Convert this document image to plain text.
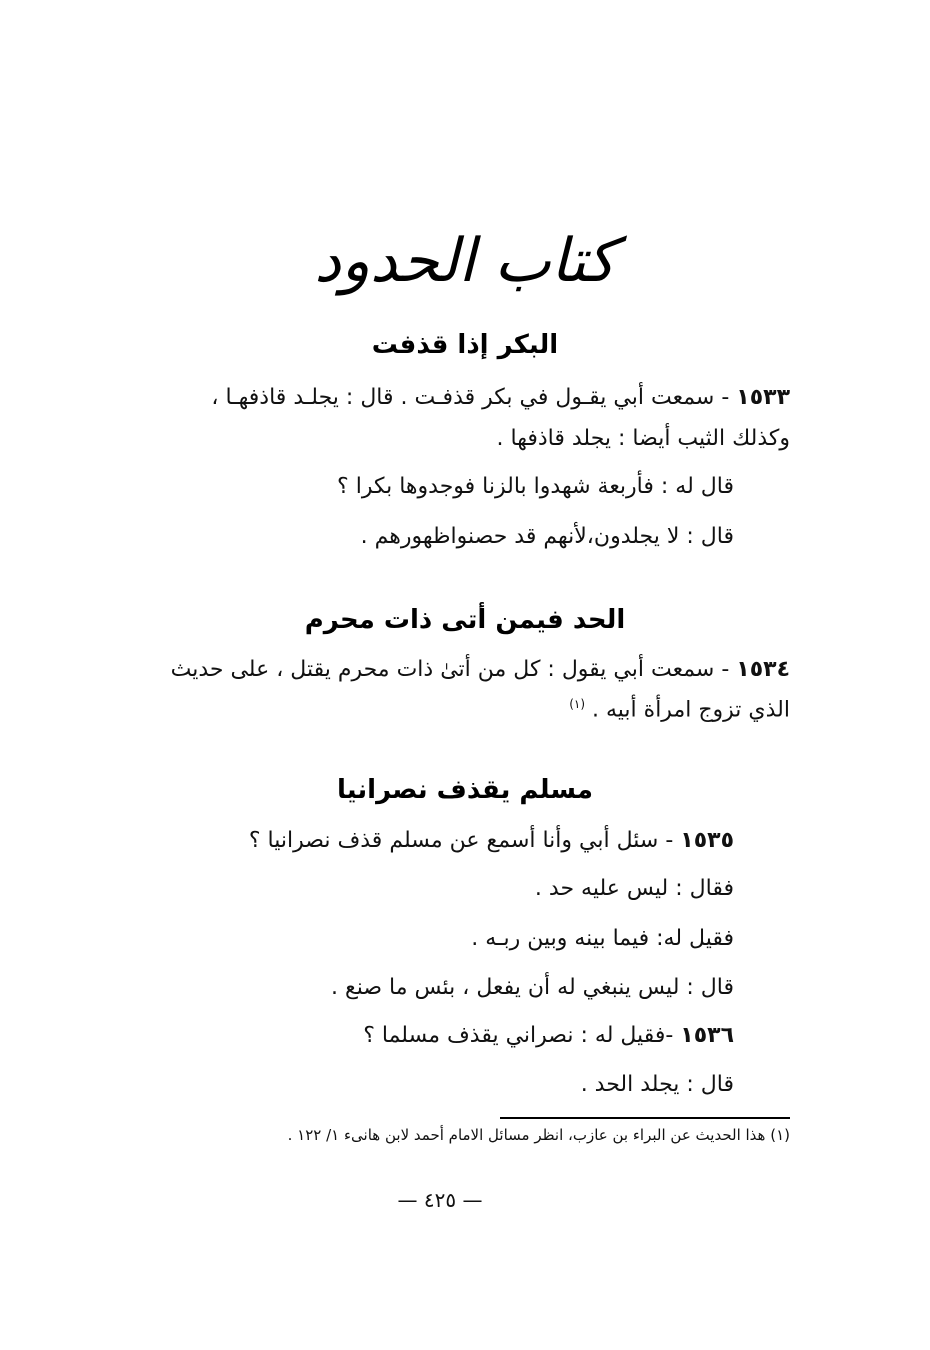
كتاب الحدود
البكر إذا قذفت
١٥٣٣ - سمعت أبي يقـول في بكر قذفـت . قال : يجلـد قاذفهـا ،
وكذلك الثيب أيضا : يجلد قاذفها .
قال له : فأربعة شهدوا بالزنا فوجدوها بكرا ؟
قال : لا يجلدون،لأنهم قد حصنواظهورهم .
الحد فيمن أتى ذات محرم
١٥٣٤ - سمعت أبي يقول : كل من أتىٰ ذات محرم يقتل ، على حديث
الذي تزوج امرأة أبيه . $^{(١)}$
مسلم يقذف نصرانيا
١٥٣٥ - سئل أبي وأنا أسمع عن مسلم قذف نصرانيا ؟
فقال : ليس عليه حد .
فقيل له: فيما بينه وبين ربـه .
قال : ليس ينبغي له أن يفعل ، بئس ما صنع .
١٥٣٦ -فقيل له : نصراني يقذف مسلما ؟
قال : يجلد الحد .
(١) هذا الحديث عن البراء بن عازب، انظر مسائل الامام أحمد لابن هانىء ١/ ١٢٢ .
— ٤٢٥ —
